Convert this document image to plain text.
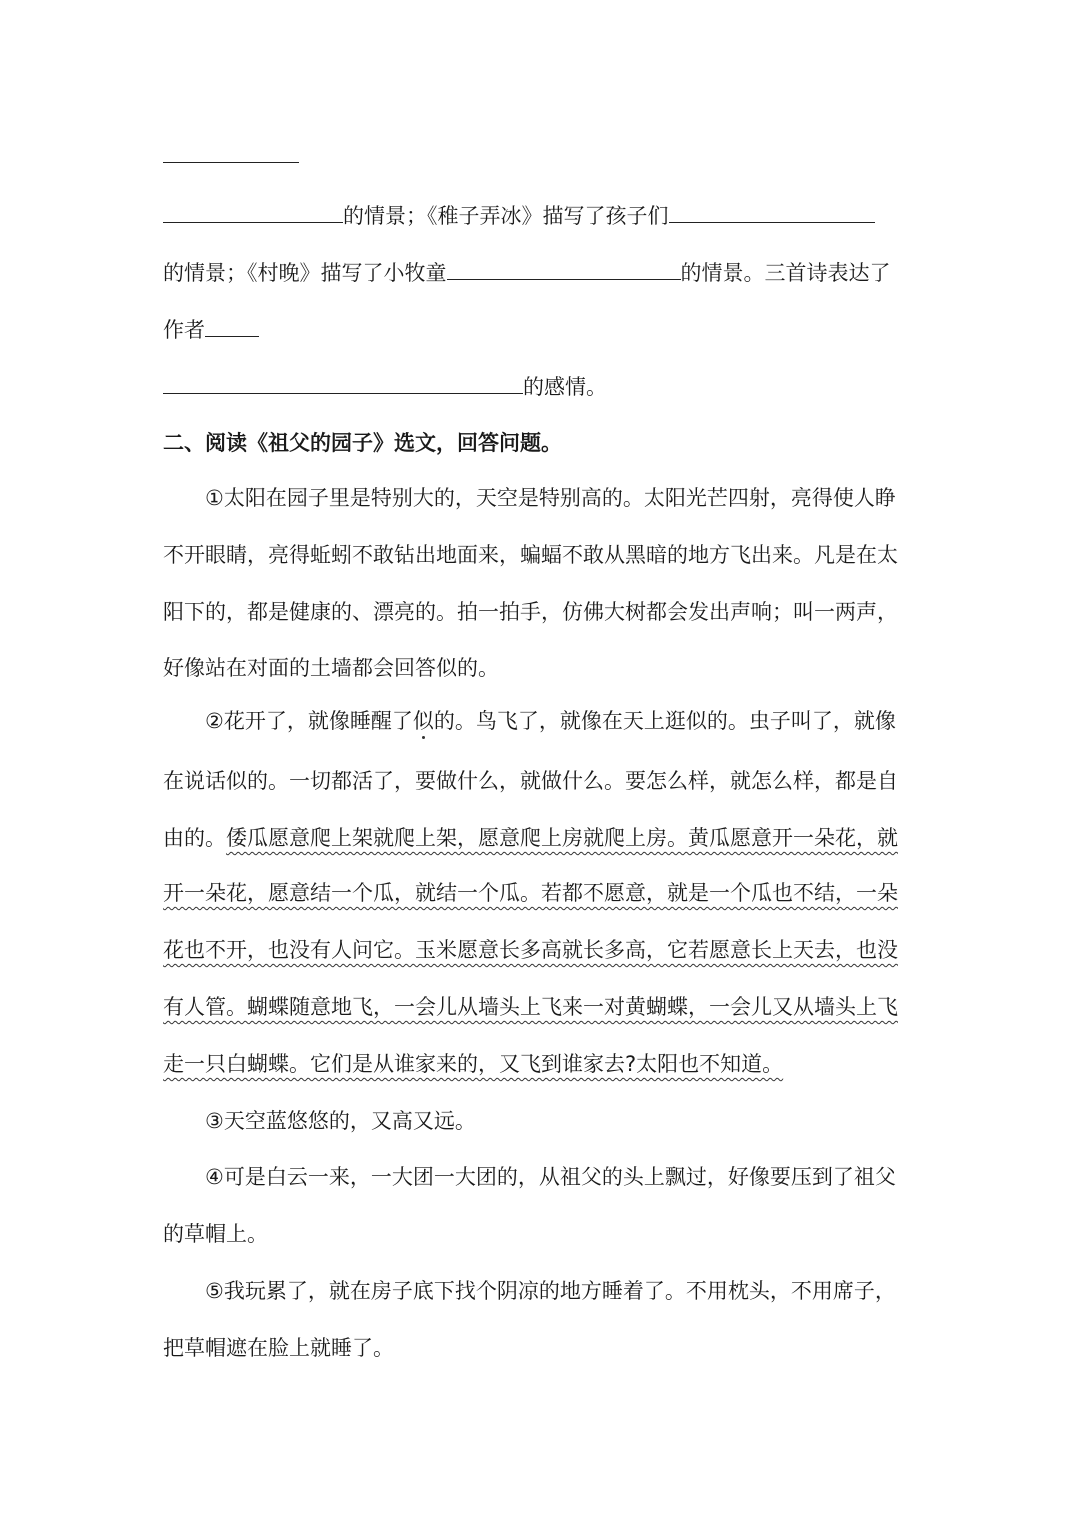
的情景；《稚子弄冰》描写了孩子们
的情景；《村晚》描写了小牧童	的情景。三首诗表达了
作者
的感情。
二、阅读《祖父的园子》选文，回答问题。
①太阳在园子里是特别大的，天空是特别高的。太阳光芒四射，亮得使人睁
不开眼睛，亮得蚯蚓不敢钻出地面来，蝙蝠不敢从黑暗的地方飞出来。凡是在太
阳下的，都是健康的、漂亮的。拍一拍手，仿佛大树都会发出声响；叫一两声，
好像站在对面的土墙都会回答似的。
②花开了，就像睡醒了似的。鸟飞了，就像在天上逛似的。虫子叫了，就像
在说话似的。一切都活了，要做什么，就做什么。要怎么样，就怎么样，都是自
由的。倭瓜愿意爬上架就爬上架，愿意爬上房就爬上房。黄瓜愿意开一朵花，就
开一朵花，愿意结一个瓜，就结一个瓜。若都不愿意，就是一个瓜也不结，一朵
花也不开，也没有人问它。玉米愿意长多高就长多高，它若愿意长上天去，也没
有人管。蝴蝶随意地飞，一会儿从墙头上飞来一对黄蝴蝶，一会儿又从墙头上飞
走一只白蝴蝶。它们是从谁家来的，又飞到谁家去?太阳也不知道。
③天空蓝悠悠的，又高又远。
④可是白云一来，一大团一大团的，从祖父的头上飘过，好像要压到了祖父
的草帽上。
⑤我玩累了，就在房子底下找个阴凉的地方睡着了。不用枕头，不用席子，
把草帽遮在脸上就睡了。
